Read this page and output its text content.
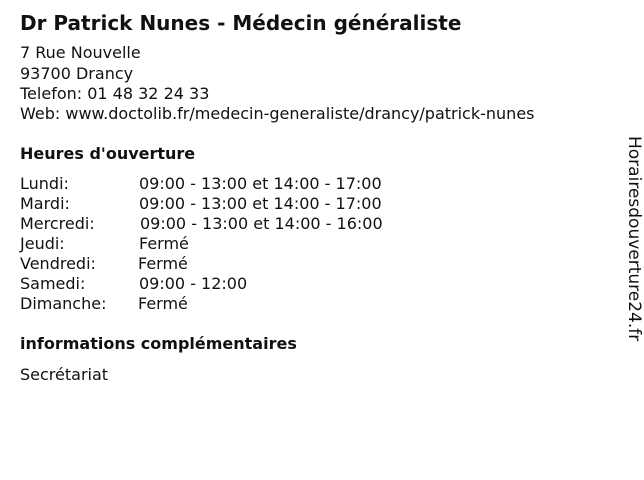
Dr Patrick Nunes - Médecin généraliste
7 Rue Nouvelle
93700 Drancy
Telefon: 01 48 32 24 33
Web: www.doctolib.fr/medecin-generaliste/drancy/patrick-nunes
Heures d'ouverture
Lundi:	09:00 - 13:00 et 14:00 - 17:00
Mardi:	09:00 - 13:00 et 14:00 - 17:00
Mercredi:	09:00 - 13:00 et 14:00 - 16:00
Jeudi:	Fermé
Vendredi:	Fermé
Samedi:	09:00 - 12:00
Dimanche: Fermé
informations complémentaires
Secrétariat
Horairesdouverture24.fr
